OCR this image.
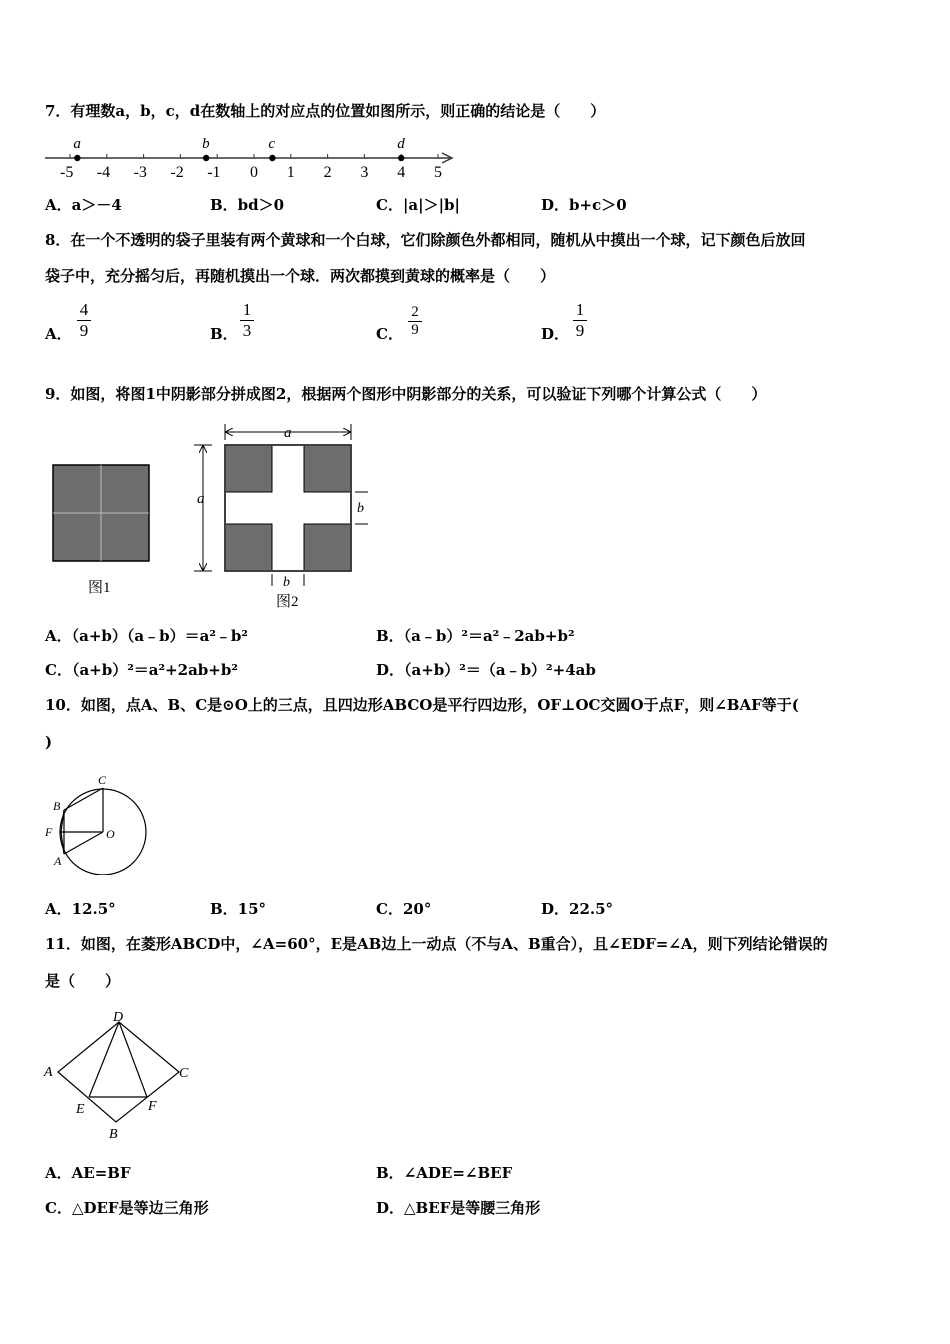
7．有理数a，b，c，d在数轴上的对应点的位置如图所示，则正确的结论是（　　）
-5 -4 -3 -2 -1 0 1 2 3 4 5
a	b	c	d
A．a＞－4	B．bd＞0	C．|a|＞|b|	D．b+c＞0
8．在一个不透明的袋子里装有两个黄球和一个白球，它们除颜色外都相同，随机从中摸出一个球，记下颜色后放回
袋子中，充分摇匀后，再随机摸出一个球．两次都摸到黄球的概率是（　　）
A．
4
9	B．
1
3	C．
2
9	D．
1
9
9．如图，将图1中阴影部分拼成图2，根据两个图形中阴影部分的关系，可以验证下列哪个计算公式（　　）
图1
a
a
b
b
图2
A．（a+b）（a﹣b）＝a²﹣b²	B．（a﹣b）²＝a²﹣2ab+b²
C．（a+b）²＝a²+2ab+b²	D．（a+b）²＝（a﹣b）²+4ab
10．如图，点A、B、C是⊙O上的三点，且四边形ABCO是平行四边形，OF⊥OC交圆O于点F，则∠BAF等于(
)
C
B
F	O
A
A．12.5°	B．15°	C．20°	D．22.5°
11．如图，在菱形ABCD中，∠A=60°，E是AB边上一动点（不与A、B重合），且∠EDF=∠A，则下列结论错误的
是（　　）
D
A	C
E	F
B
A．AE=BF	B．∠ADE=∠BEF
C．△DEF是等边三角形	D．△BEF是等腰三角形
